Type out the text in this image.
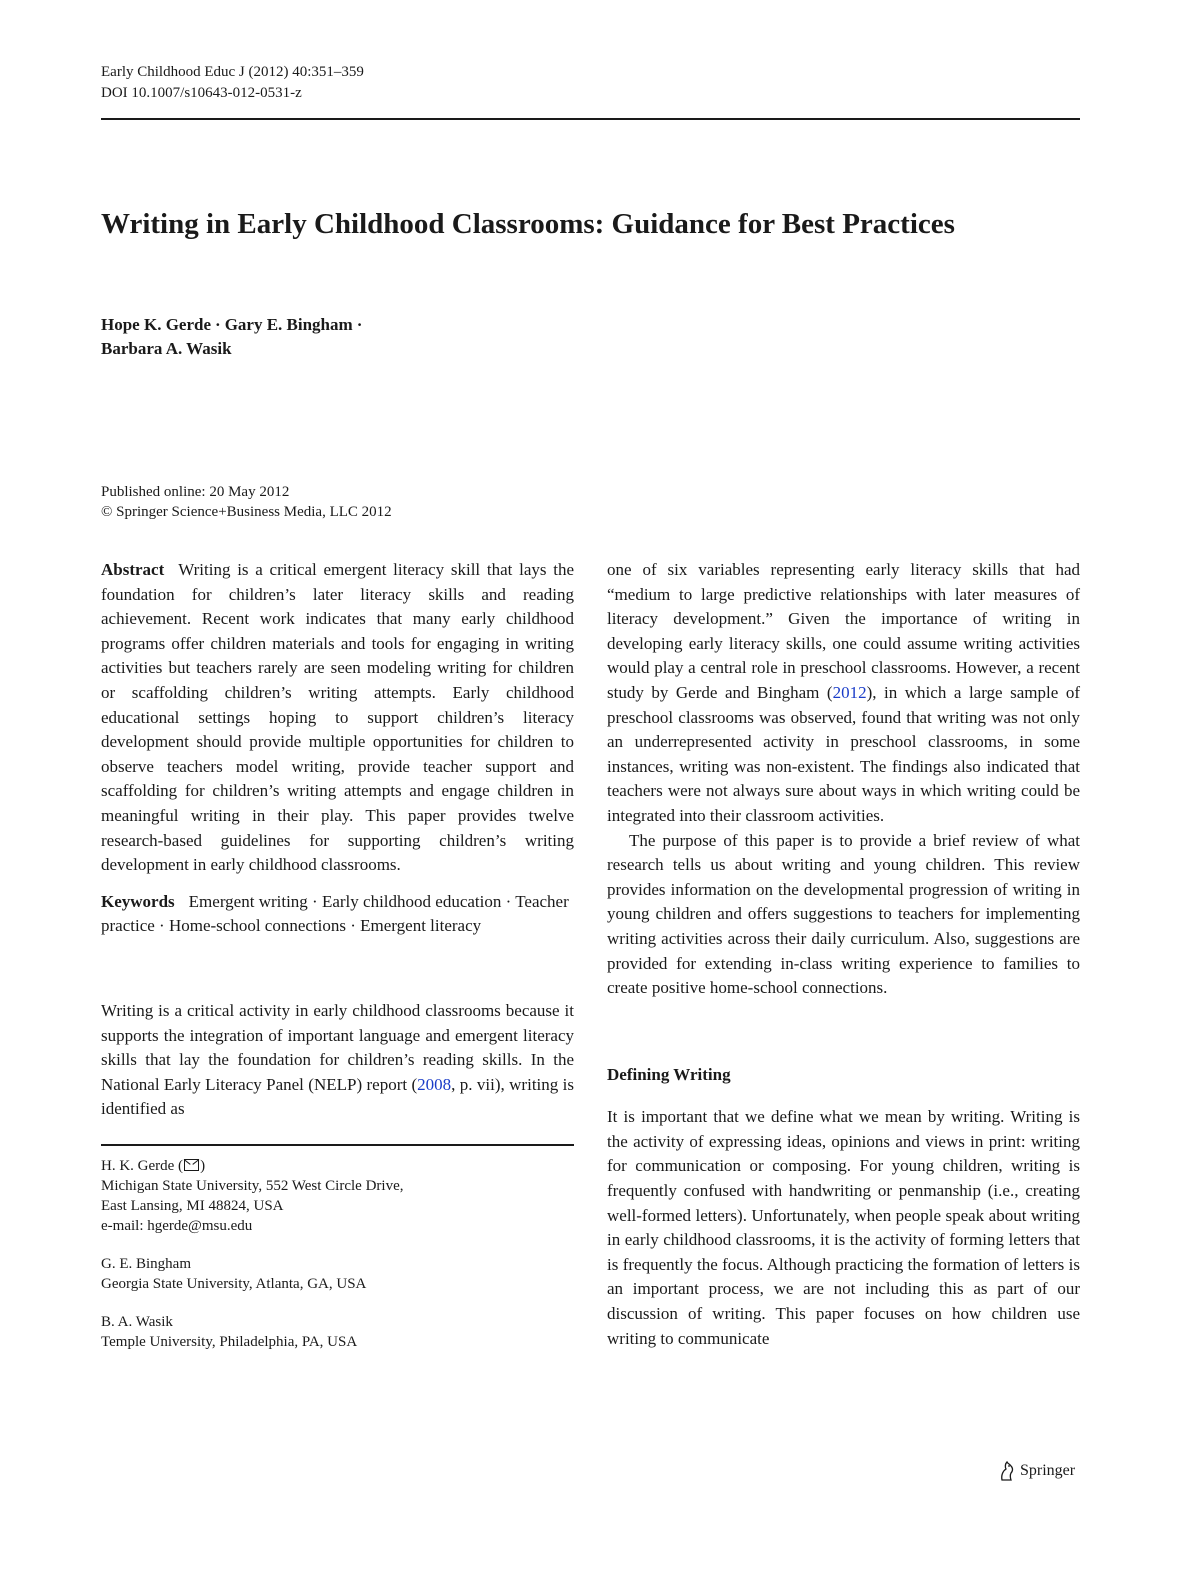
Early Childhood Educ J (2012) 40:351–359
DOI 10.1007/s10643-012-0531-z
Writing in Early Childhood Classrooms: Guidance for Best Practices
Hope K. Gerde · Gary E. Bingham ·
Barbara A. Wasik
Published online: 20 May 2012
© Springer Science+Business Media, LLC 2012

Abstract Writing is a critical emergent literacy skill that lays the foundation for children’s later literacy skills and reading achievement. Recent work indicates that many early childhood programs offer children materials and tools for engaging in writing activities but teachers rarely are seen modeling writing for children or scaffolding children’s writing attempts. Early childhood educational settings hoping to support children’s literacy development should provide multiple opportunities for children to observe teachers model writing, provide teacher support and scaffolding for children’s writing attempts and engage children in meaningful writing in their play. This paper provides twelve research-based guidelines for supporting children’s writing development in early childhood classrooms.

Keywords Emergent writing · Early childhood education · Teacher practice · Home-school connections · Emergent literacy

Writing is a critical activity in early childhood classrooms because it supports the integration of important language and emergent literacy skills that lay the foundation for children’s reading skills. In the National Early Literacy Panel (NELP) report (2008, p. vii), writing is identified as

H. K. Gerde ( )
Michigan State University, 552 West Circle Drive,
East Lansing, MI 48824, USA
e-mail: hgerde@msu.edu
G. E. Bingham
Georgia State University, Atlanta, GA, USA
B. A. Wasik
Temple University, Philadelphia, PA, USA

one of six variables representing early literacy skills that had “medium to large predictive relationships with later measures of literacy development.” Given the importance of writing in developing early literacy skills, one could assume writing activities would play a central role in preschool classrooms. However, a recent study by Gerde and Bingham (2012), in which a large sample of preschool classrooms was observed, found that writing was not only an underrepresented activity in preschool classrooms, in some instances, writing was non-existent. The findings also indicated that teachers were not always sure about ways in which writing could be integrated into their classroom activities.

The purpose of this paper is to provide a brief review of what research tells us about writing and young children. This review provides information on the developmental progression of writing in young children and offers suggestions to teachers for implementing writing activities across their daily curriculum. Also, suggestions are provided for extending in-class writing experience to families to create positive home-school connections.

Defining Writing

It is important that we define what we mean by writing. Writing is the activity of expressing ideas, opinions and views in print: writing for communication or composing. For young children, writing is frequently confused with handwriting or penmanship (i.e., creating well-formed letters). Unfortunately, when people speak about writing in early childhood classrooms, it is the activity of forming letters that is frequently the focus. Although practicing the formation of letters is an important process, we are not including this as part of our discussion of writing. This paper focuses on how children use writing to communicate

Springer
